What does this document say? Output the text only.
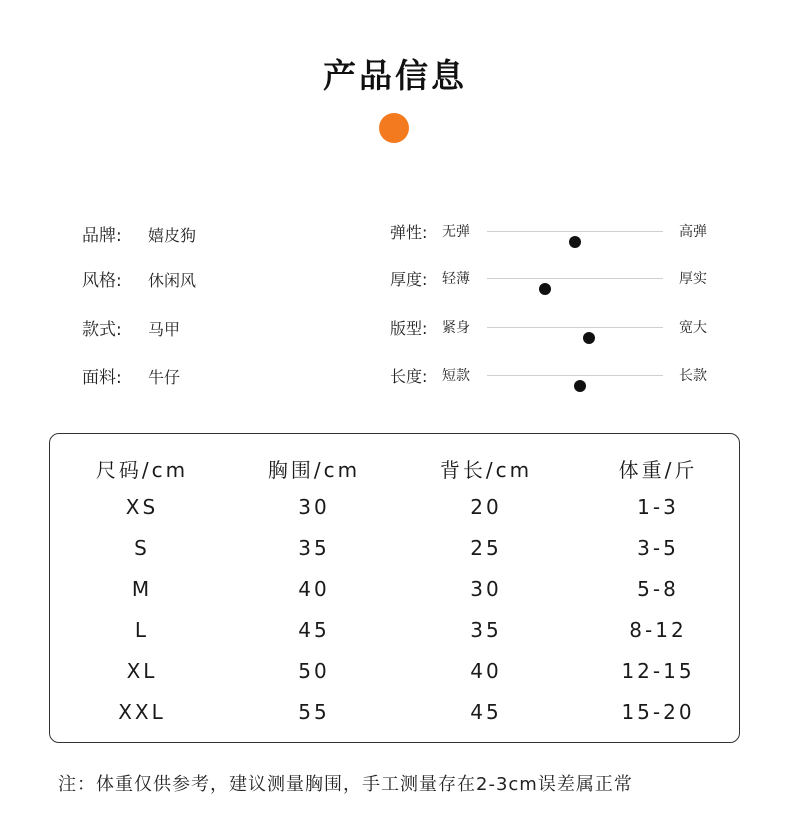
产品信息
品牌: 嬉皮狗
风格: 休闲风
款式: 马甲
面料: 牛仔
弹性: 无弹	高弹
厚度: 轻薄	厚实
版型: 紧身	宽大
长度: 短款	长款
尺码/cm	胸围/cm	背长/cm	体重/斤
XS	30	20	1-3
S	35	25	3-5
M	40	30	5-8
L	45	35	8-12
XL	50	40	12-15
XXL	55	45	15-20
注：体重仅供参考，建议测量胸围，手工测量存在2-3cm误差属正常
